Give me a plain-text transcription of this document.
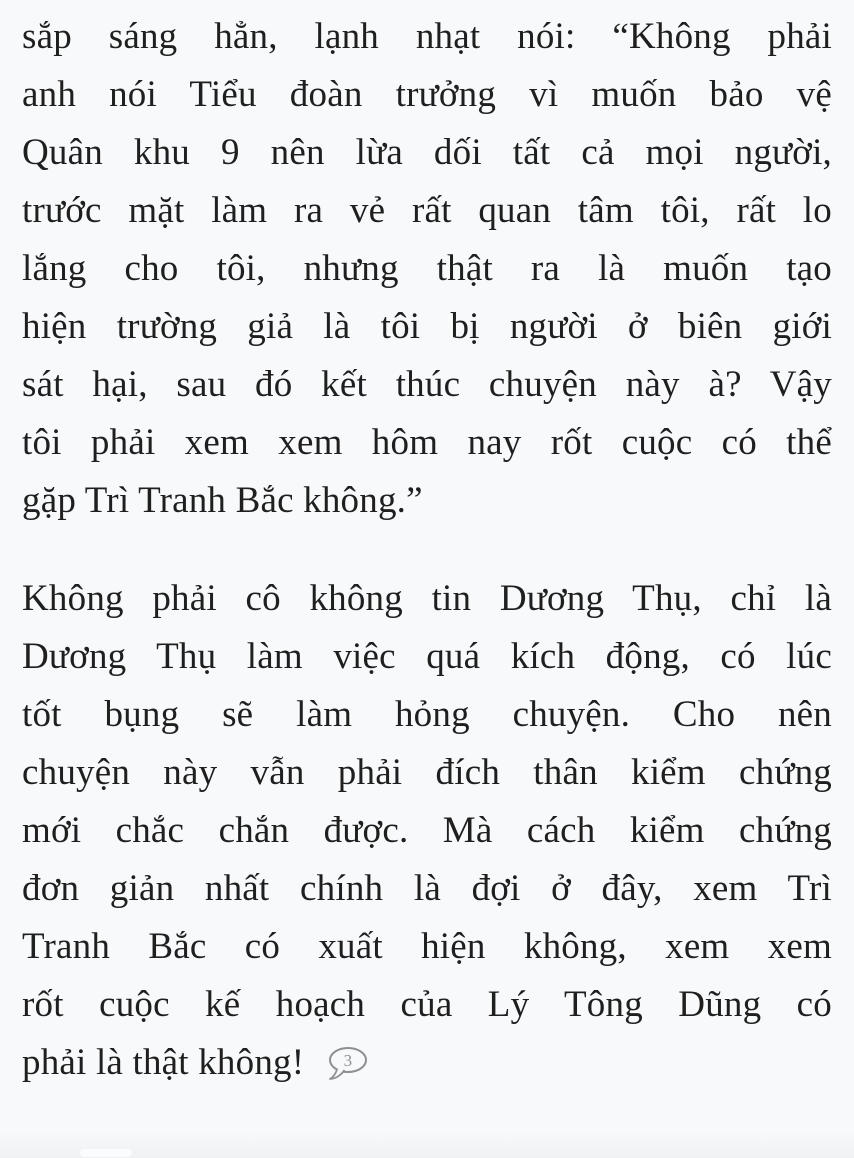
sắp sáng hẳn, lạnh nhạt nói: “Không phải
anh nói Tiểu đoàn trưởng vì muốn bảo vệ
Quân khu 9 nên lừa dối tất cả mọi người,
trước mặt làm ra vẻ rất quan tâm tôi, rất lo
lắng cho tôi, nhưng thật ra là muốn tạo
hiện trường giả là tôi bị người ở biên giới
sát hại, sau đó kết thúc chuyện này à? Vậy
tôi phải xem xem hôm nay rốt cuộc có thể
gặp Trì Tranh Bắc không.”
Không phải cô không tin Dương Thụ, chỉ là
Dương Thụ làm việc quá kích động, có lúc
tốt bụng sẽ làm hỏng chuyện. Cho nên
chuyện này vẫn phải đích thân kiểm chứng
mới chắc chắn được. Mà cách kiểm chứng
đơn giản nhất chính là đợi ở đây, xem Trì
Tranh Bắc có xuất hiện không, xem xem
rốt cuộc kế hoạch của Lý Tông Dũng có
phải là thật không! 3
